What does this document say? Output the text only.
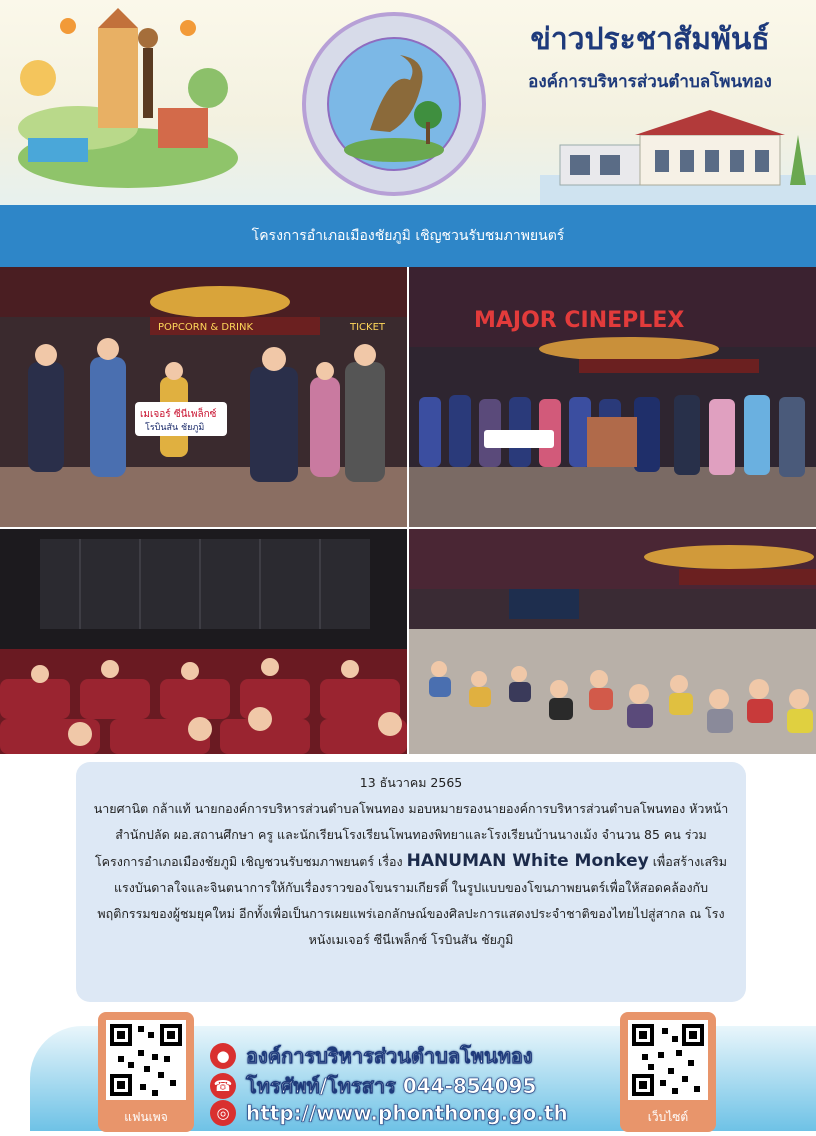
ข่าวประชาสัมพันธ์
องค์การบริหารส่วนตำบลโพนทอง
โครงการอำเภอเมืองชัยภูมิ เชิญชวนรับชมภาพยนตร์
POPCORN & DRINK	TICKET
เมเจอร์ ซีนีเพล็กซ์
โรบินสัน ชัยภูมิ
MAJOR CINEPLEX
13 ธันวาคม 2565
นายศานิต กล้าแท้ นายกองค์การบริหารส่วนตำบลโพนทอง มอบหมายรองนายองค์การบริหารส่วนตำบลโพนทอง หัวหน้าสำนักปลัด ผอ.สถานศึกษา ครู และนักเรียนโรงเรียนโพนทองพิทยาและโรงเรียนบ้านนางเม้ง จำนวน 85 คน ร่วมโครงการอำเภอเมืองชัยภูมิ เชิญชวนรับชมภาพยนตร์ เรื่อง HANUMAN White Monkey เพื่อสร้างเสริมแรงบันดาลใจและจินตนาการให้กับเรื่องราวของโขนรามเกียรติ์ ในรูปแบบของโขนภาพยนตร์เพื่อให้สอดคล้องกับพฤติกรรมของผู้ชมยุคใหม่ อีกทั้งเพื่อเป็นการเผยแพร่เอกลักษณ์ของศิลปะการแสดงประจำชาติของไทยไปสู่สากล ณ โรงหนังเมเจอร์ ซีนีเพล็กซ์ โรบินสัน ชัยภูมิ
แฟนเพจ	เว็บไซต์
● องค์การบริหารส่วนตำบลโพนทอง
☎ โทรศัพท์/โทรสาร 044-854095
◎ http://www.phonthong.go.th
